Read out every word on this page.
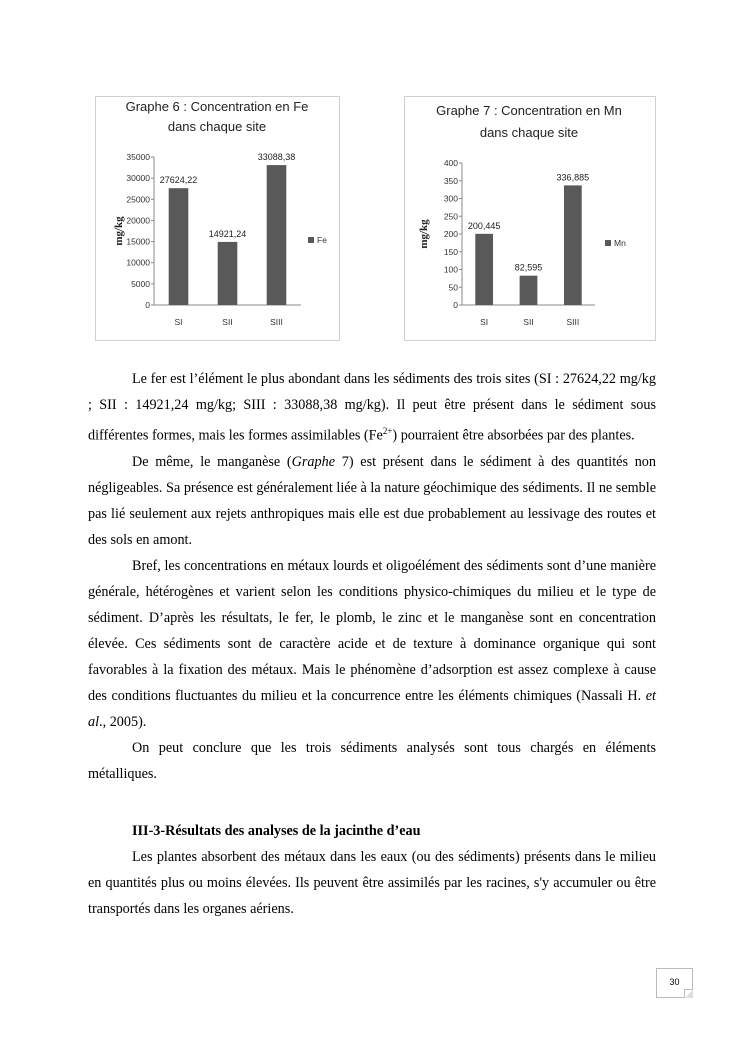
Graphe 6 : Concentration en Fe
dans chaque site
0
5000
10000
15000
20000
25000
30000
35000
mg/kg
27624,22
SI
14921,24
SII
33088,38
SIII
Fe
Graphe 7 : Concentration en Mn
dans chaque site
0
50
100
150
200
250
300
350
400
mg/kg	200,445
SI
82,595
SII
336,885
SIII
Mn

Le fer est l’élément le plus abondant dans les sédiments des trois sites (SI : 27624,22 mg/kg ; SII : 14921,24 mg/kg; SIII : 33088,38 mg/kg). Il peut être présent dans le sédiment sous différentes formes, mais les formes assimilables $(Fe^{2+})$ pourraient être absorbées par des plantes.

De même, le manganèse (Graphe 7) est présent dans le sédiment à des quantités non négligeables. Sa présence est généralement liée à la nature géochimique des sédiments. Il ne semble pas lié seulement aux rejets anthropiques mais elle est due probablement au lessivage des routes et des sols en amont.

Bref, les concentrations en métaux lourds et oligoélément des sédiments sont d’une manière générale, hétérogènes et varient selon les conditions physico-chimiques du milieu et le type de sédiment. D’après les résultats, le fer, le plomb, le zinc et le manganèse sont en concentration élevée. Ces sédiments sont de caractère acide et de texture à dominance organique qui sont favorables à la fixation des métaux. Mais le phénomène d’adsorption est assez complexe à cause des conditions fluctuantes du milieu et la concurrence entre les éléments chimiques (Nassali H. et al., 2005).

On peut conclure que les trois sédiments analysés sont tous chargés en éléments métalliques.

III-3-Résultats des analyses de la jacinthe d’eau

Les plantes absorbent des métaux dans les eaux (ou des sédiments) présents dans le milieu en quantités plus ou moins élevées. Ils peuvent être assimilés par les racines, s'y accumuler ou être transportés dans les organes aériens.

30
